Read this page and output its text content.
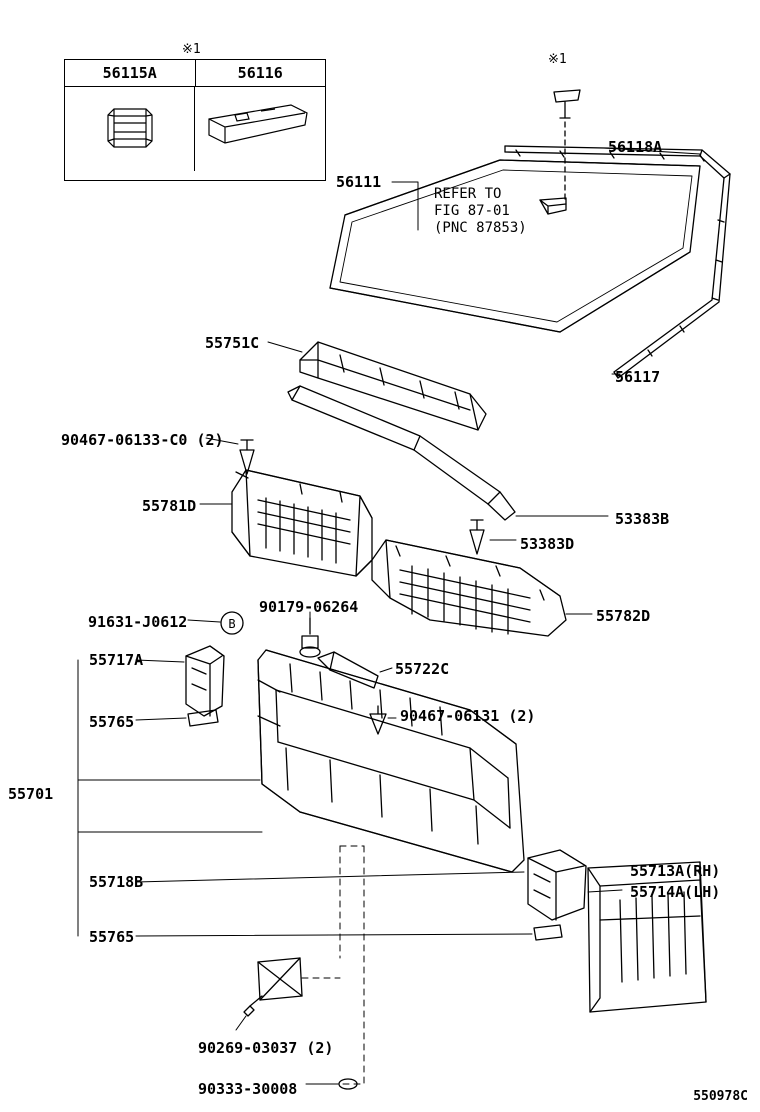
※1
56115A	56116
B
REFER TO
FIG 87-01
(PNC 87853)
※1
56111
56118A
56117
55751C
90467-06133-C0 (2)
55781D
53383B
53383D
55782D
90179-06264
91631-J0612
55717A	55722C
55765	90467-06131 (2)
55701
55718B
55713A(RH)
55714A(LH)
55765
90269-03037 (2)
90333-30008	550978C
